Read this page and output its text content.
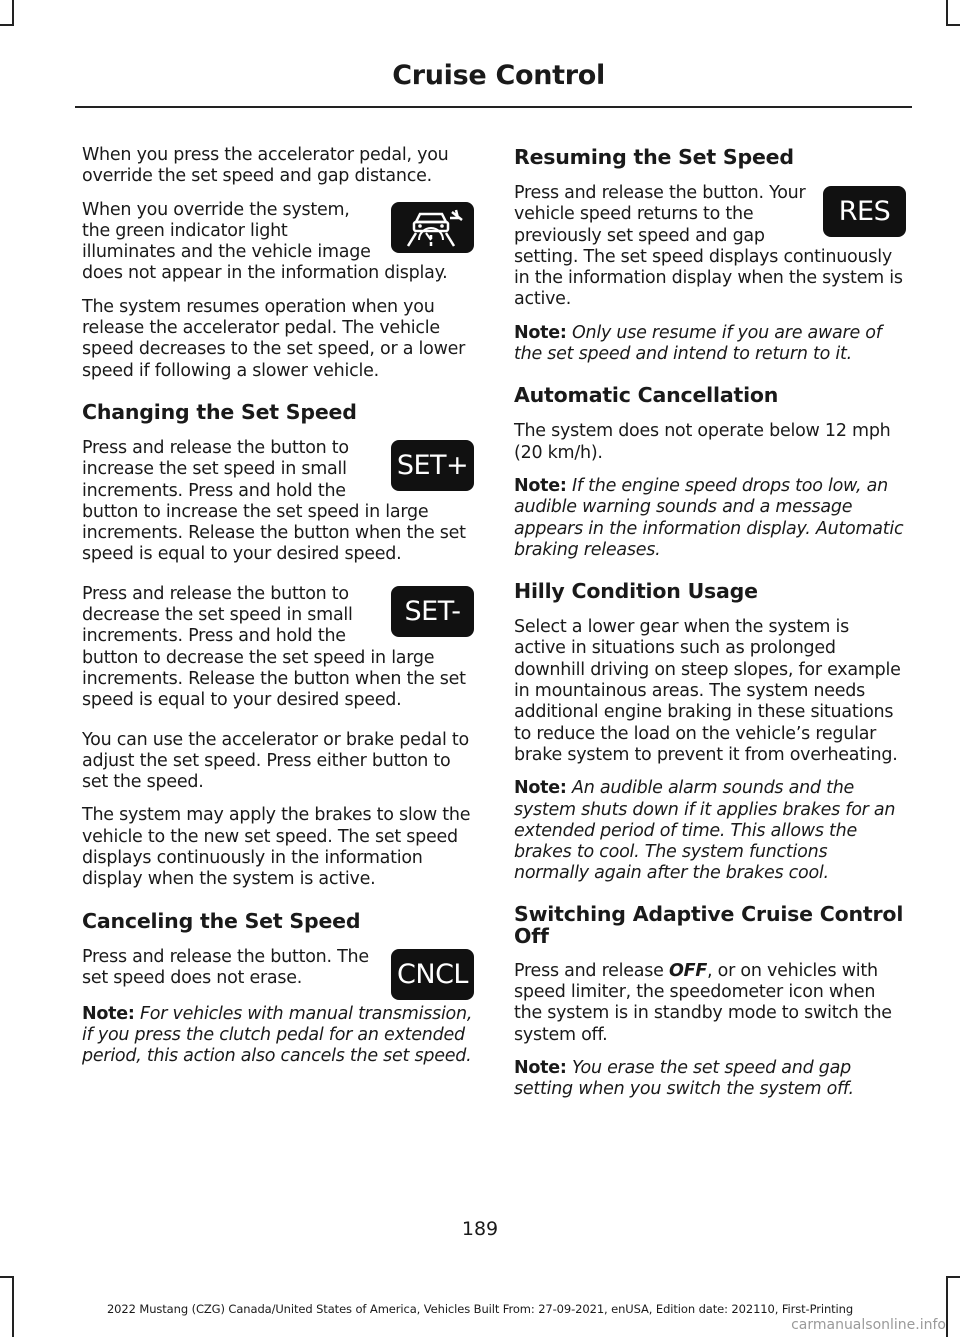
Cruise Control

When you press the accelerator pedal, you override the set speed and gap distance.

When you override the system, the green indicator light illuminates and the vehicle image does not appear in the information display.

The system resumes operation when you release the accelerator pedal. The vehicle speed decreases to the set speed, or a lower speed if following a slower vehicle.

Changing the Set Speed
SET+

Press and release the button to increase the set speed in small increments. Press and hold the button to increase the set speed in large increments. Release the button when the set speed is equal to your desired speed.

SET-

Press and release the button to decrease the set speed in small increments. Press and hold the button to decrease the set speed in large increments. Release the button when the set speed is equal to your desired speed.

You can use the accelerator or brake pedal to adjust the set speed. Press either button to set the speed.

The system may apply the brakes to slow the vehicle to the new set speed. The set speed displays continuously in the information display when the system is active.

Canceling the Set Speed
CNCL

Press and release the button. The set speed does not erase.

Note: For vehicles with manual transmission, if you press the clutch pedal for an extended period, this action also cancels the set speed.

Resuming the Set Speed
RES

Press and release the button. Your vehicle speed returns to the previously set speed and gap setting. The set speed displays continuously in the information display when the system is active.

Note: Only use resume if you are aware of the set speed and intend to return to it.

Automatic Cancellation

The system does not operate below 12 mph (20 km/h).

Note: If the engine speed drops too low, an audible warning sounds and a message appears in the information display. Automatic braking releases.

Hilly Condition Usage

Select a lower gear when the system is active in situations such as prolonged downhill driving on steep slopes, for example in mountainous areas. The system needs additional engine braking in these situations to reduce the load on the vehicle’s regular brake system to prevent it from overheating.

Note: An audible alarm sounds and the system shuts down if it applies brakes for an extended period of time. This allows the brakes to cool. The system functions normally again after the brakes cool.

Switching Adaptive Cruise Control Off

Press and release OFF, or on vehicles with speed limiter, the speedometer icon when the system is in standby mode to switch the system off.

Note: You erase the set speed and gap setting when you switch the system off.

189
2022 Mustang (CZG) Canada/United States of America, Vehicles Built From: 27-09-2021, enUSA, Edition date: 202110, First-Printing
carmanualsonline.info
